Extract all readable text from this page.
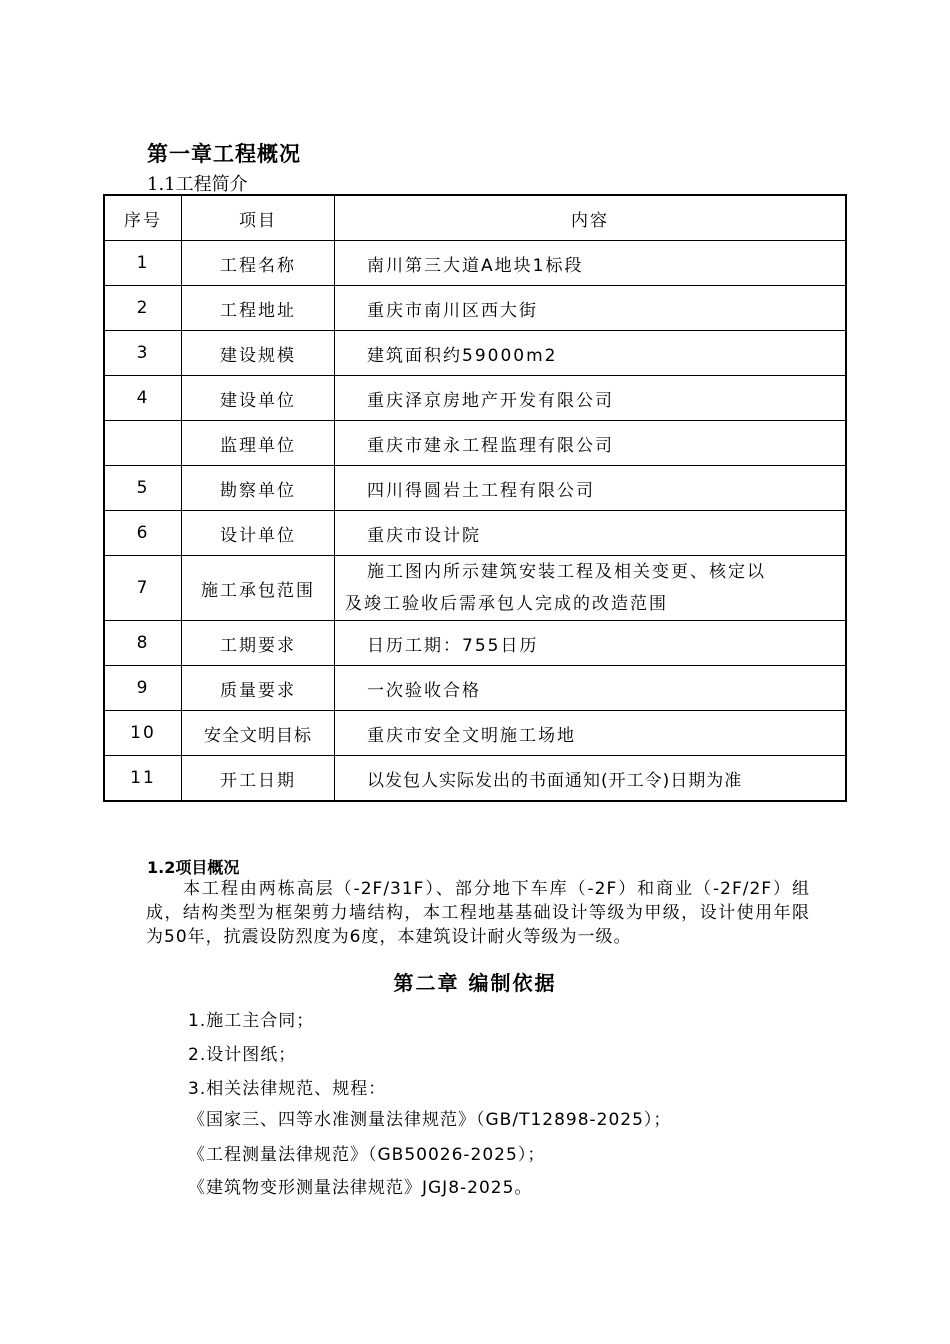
第一章工程概况
1.1工程简介
序号	项目	内容
1	工程名称	南川第三大道A地块1标段
2	工程地址	重庆市南川区西大街
3	建设规模	建筑面积约59000m2
4	建设单位	重庆泽京房地产开发有限公司
	监理单位	重庆市建永工程监理有限公司
5	勘察单位	四川得圆岩土工程有限公司
6	设计单位	重庆市设计院
7	施工承包范围	施工图内所示建筑安装工程及相关变更、核定以
及竣工验收后需承包人完成的改造范围

8	工期要求	日历工期：755日历
9	质量要求	一次验收合格
10	安全文明目标	重庆市安全文明施工场地
11	开工日期	以发包人实际发出的书面通知(开工令)日期为准
1.2项目概况
本工程由两栋高层（-2F/31F）、部分地下车库（-2F）和商业（-2F/2F）组成，结构类型为框架剪力墙结构，本工程地基基础设计等级为甲级，设计使用年限为50年，抗震设防烈度为6度，本建筑设计耐火等级为一级。
第二章 编制依据
1.施工主合同；
2.设计图纸；
3.相关法律规范、规程：
《国家三、四等水准测量法律规范》（GB/T12898-2025）；
《工程测量法律规范》（GB50026-2025）；
《建筑物变形测量法律规范》JGJ8-2025。
